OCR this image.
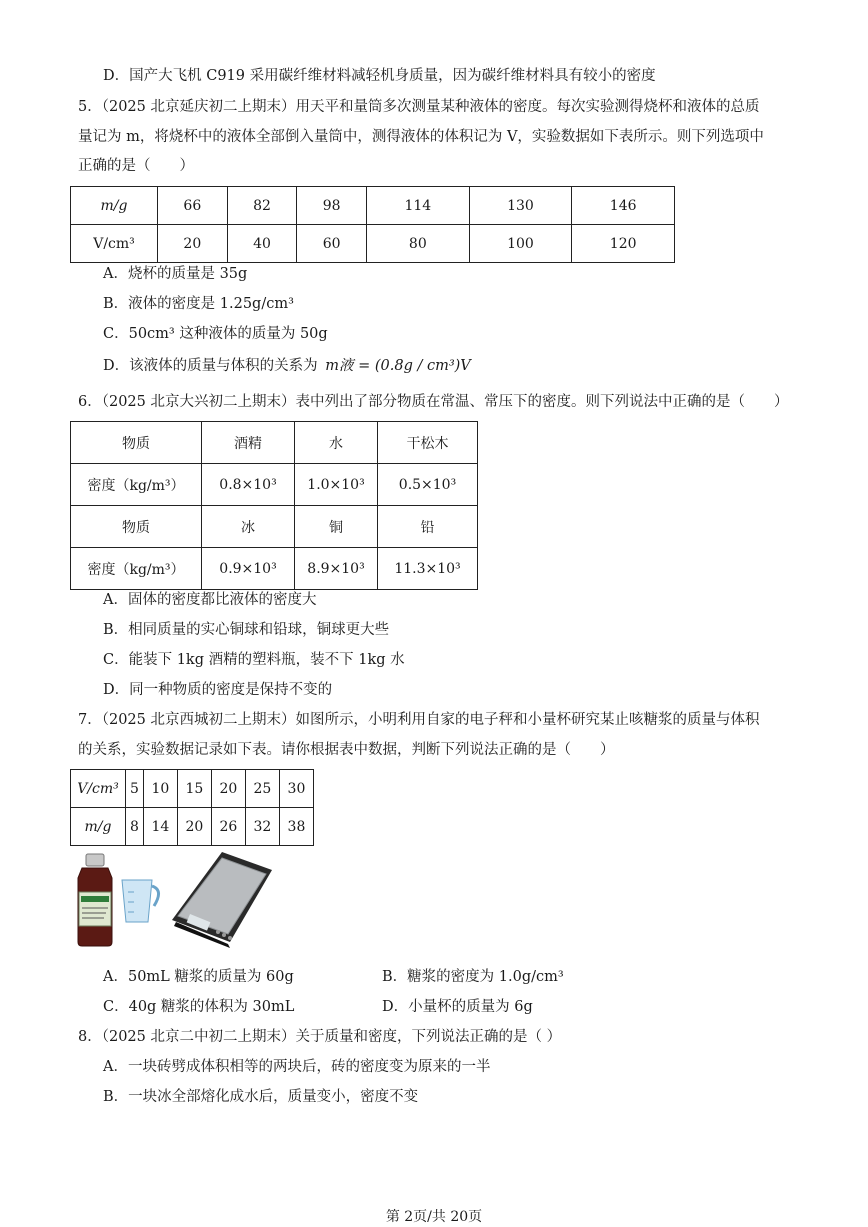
D．国产大飞机 C919 采用碳纤维材料减轻机身质量，因为碳纤维材料具有较小的密度
5．（2025 北京延庆初二上期末）用天平和量筒多次测量某种液体的密度。每次实验测得烧杯和液体的总质
量记为 m，将烧杯中的液体全部倒入量筒中，测得液体的体积记为 V，实验数据如下表所示。则下列选项中
正确的是（　　）
m/g	66	82	98	114	130	146
V/cm³	20	40	60	80	100	120
A．烧杯的质量是 35g
B．液体的密度是 1.25g/cm³
C．50cm³ 这种液体的质量为 50g
D．该液体的质量与体积的关系为 m液 = (0.8g / cm³)V
6．（2025 北京大兴初二上期末）表中列出了部分物质在常温、常压下的密度。则下列说法中正确的是（　　）
物质	酒精	水	干松木
密度（kg/m³）	0.8×10³	1.0×10³	0.5×10³
物质	冰	铜	铅
密度（kg/m³）	0.9×10³	8.9×10³	11.3×10³
A．固体的密度都比液体的密度大
B．相同质量的实心铜球和铅球，铜球更大些
C．能装下 1kg 酒精的塑料瓶，装不下 1kg 水
D．同一种物质的密度是保持不变的
7．（2025 北京西城初二上期末）如图所示，小明利用自家的电子秤和小量杯研究某止咳糖浆的质量与体积
的关系，实验数据记录如下表。请你根据表中数据，判断下列说法正确的是（　　）
V/cm³	5	10	15	20	25	30
m/g	8	14	20	26	32	38
A．50mL 糖浆的质量为 60g	B．糖浆的密度为 1.0g/cm³
C．40g 糖浆的体积为 30mL	D．小量杯的质量为 6g
8．（2025 北京二中初二上期末）关于质量和密度，下列说法正确的是（ ）
A．一块砖劈成体积相等的两块后，砖的密度变为原来的一半
B．一块冰全部熔化成水后，质量变小，密度不变
第 2页/共 20页
